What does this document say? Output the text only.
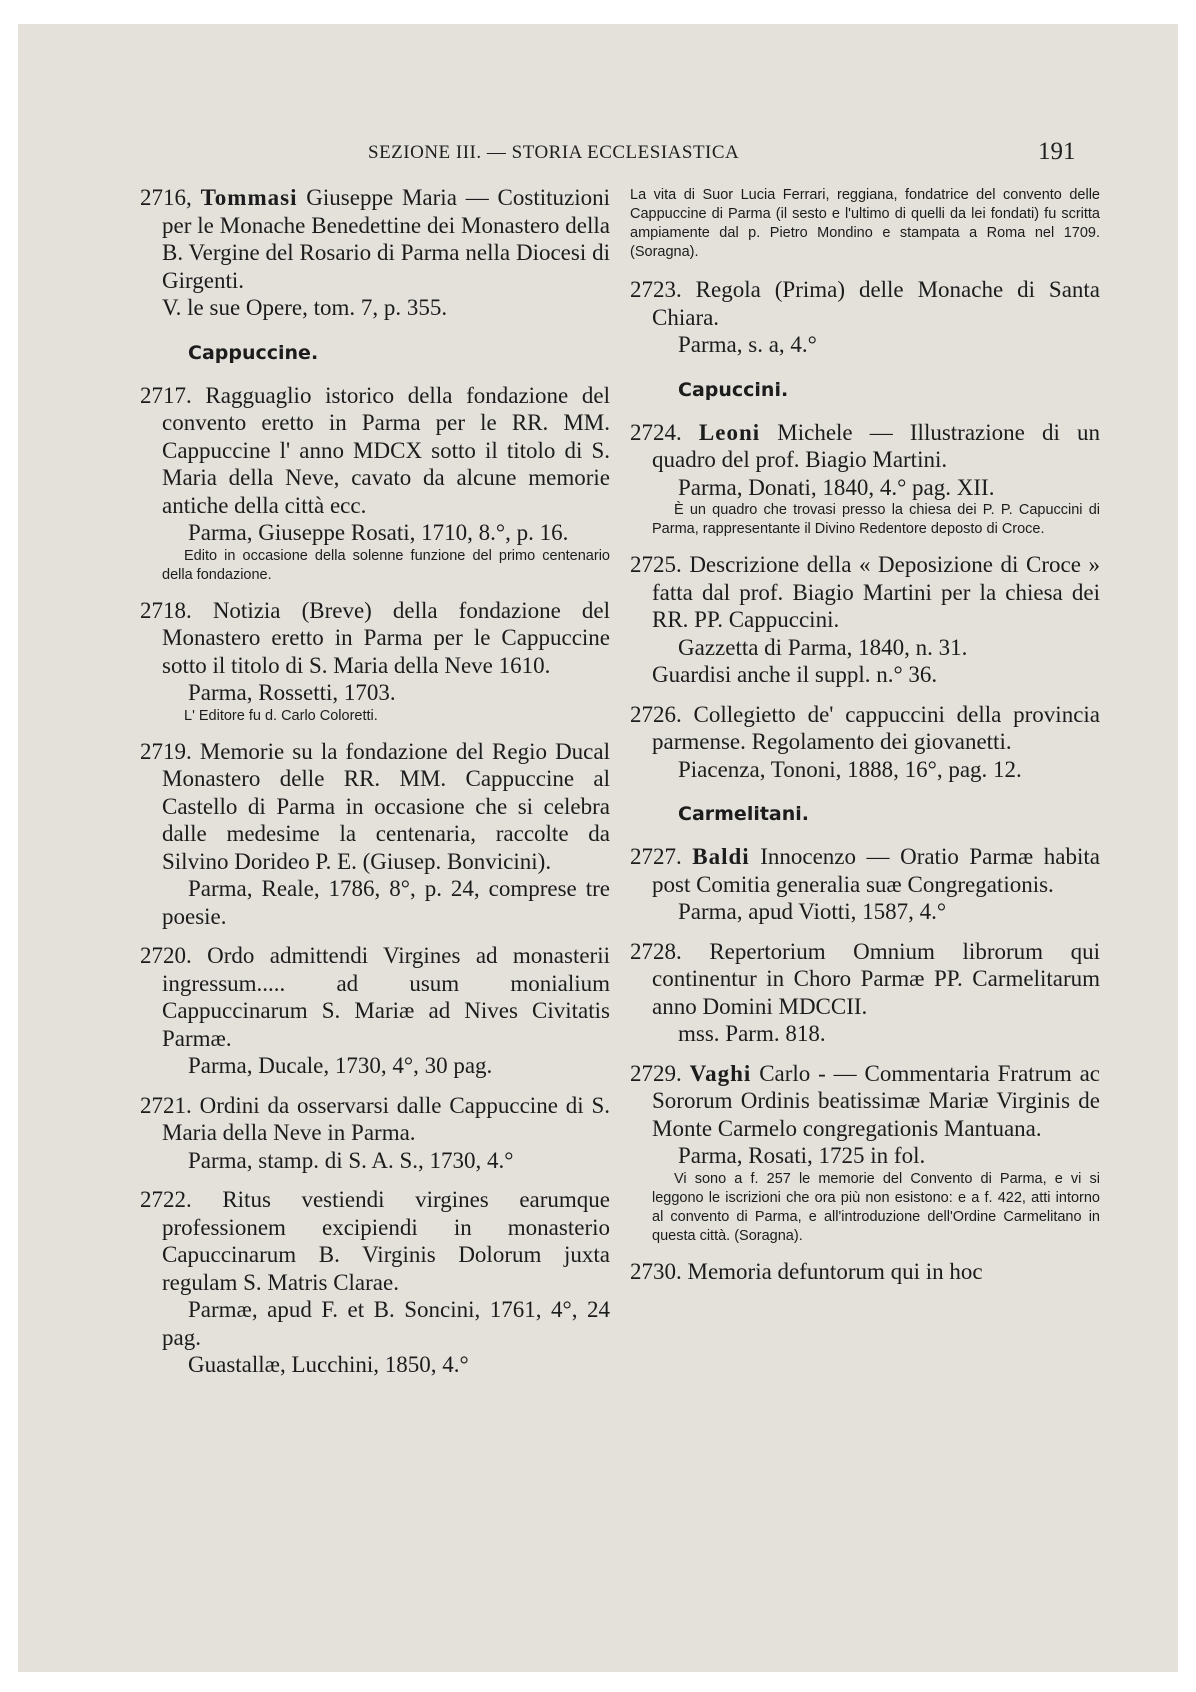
SEZIONE III. — STORIA ECCLESIASTICA	191

2716, Tommasi Giuseppe Maria — Costituzioni per le Monache Benedettine dei Monastero della B. Vergine del Rosario di Parma nella Diocesi di Girgenti.

V. le sue Opere, tom. 7, p. 355.

Cappuccine.

2717. Ragguaglio istorico della fondazione del convento eretto in Parma per le RR. MM. Cappuccine l' anno MDCX sotto il titolo di S. Maria della Neve, cavato da alcune memorie antiche della città ecc.

Parma, Giuseppe Rosati, 1710, 8.°, p. 16.

Edito in occasione della solenne funzione del primo centenario della fondazione.

2718. Notizia (Breve) della fondazione del Monastero eretto in Parma per le Cappuccine sotto il titolo di S. Maria della Neve 1610.

Parma, Rossetti, 1703.

L' Editore fu d. Carlo Coloretti.

2719. Memorie su la fondazione del Regio Ducal Monastero delle RR. MM. Cappuccine al Castello di Parma in occasione che si celebra dalle medesime la centenaria, raccolte da Silvino Dorideo P. E. (Giusep. Bonvicini).

Parma, Reale, 1786, 8°, p. 24, comprese tre poesie.

2720. Ordo admittendi Virgines ad monasterii ingressum..... ad usum monialium Cappuccinarum S. Mariæ ad Nives Civitatis Parmæ.

Parma, Ducale, 1730, 4°, 30 pag.

2721. Ordini da osservarsi dalle Cappuccine di S. Maria della Neve in Parma.

Parma, stamp. di S. A. S., 1730, 4.°

2722. Ritus vestiendi virgines earumque professionem excipiendi in monasterio Capuccinarum B. Virginis Dolorum juxta regulam S. Matris Clarae.

Parmæ, apud F. et B. Soncini, 1761, 4°, 24 pag.

Guastallæ, Lucchini, 1850, 4.°

La vita di Suor Lucia Ferrari, reggiana, fondatrice del convento delle Cappuccine di Parma (il sesto e l'ultimo di quelli da lei fondati) fu scritta ampiamente dal p. Pietro Mondino e stampata a Roma nel 1709. (Soragna).

2723. Regola (Prima) delle Monache di Santa Chiara.

Parma, s. a, 4.°

Capuccini.

2724. Leoni Michele — Illustrazione di un quadro del prof. Biagio Martini.

Parma, Donati, 1840, 4.° pag. XII.

È un quadro che trovasi presso la chiesa dei P. P. Capuccini di Parma, rappresentante il Divino Redentore deposto di Croce.

2725. Descrizione della « Deposizione di Croce » fatta dal prof. Biagio Martini per la chiesa dei RR. PP. Cappuccini.

Gazzetta di Parma, 1840, n. 31.

Guardisi anche il suppl. n.° 36.

2726. Collegietto de' cappuccini della provincia parmense. Regolamento dei giovanetti.

Piacenza, Tononi, 1888, 16°, pag. 12.

Carmelitani.

2727. Baldi Innocenzo — Oratio Parmæ habita post Comitia generalia suæ Congregationis.

Parma, apud Viotti, 1587, 4.°

2728. Repertorium Omnium librorum qui continentur in Choro Parmæ PP. Carmelitarum anno Domini MDCCII.

mss. Parm. 818.

2729. Vaghi Carlo - — Commentaria Fratrum ac Sororum Ordinis beatissimæ Mariæ Virginis de Monte Carmelo congregationis Mantuana.

Parma, Rosati, 1725 in fol.

Vi sono a f. 257 le memorie del Convento di Parma, e vi si leggono le iscrizioni che ora più non esistono: e a f. 422, atti intorno al convento di Parma, e all'introduzione dell'Ordine Carmelitano in questa città. (Soragna).

2730. Memoria defuntorum qui in hoc
